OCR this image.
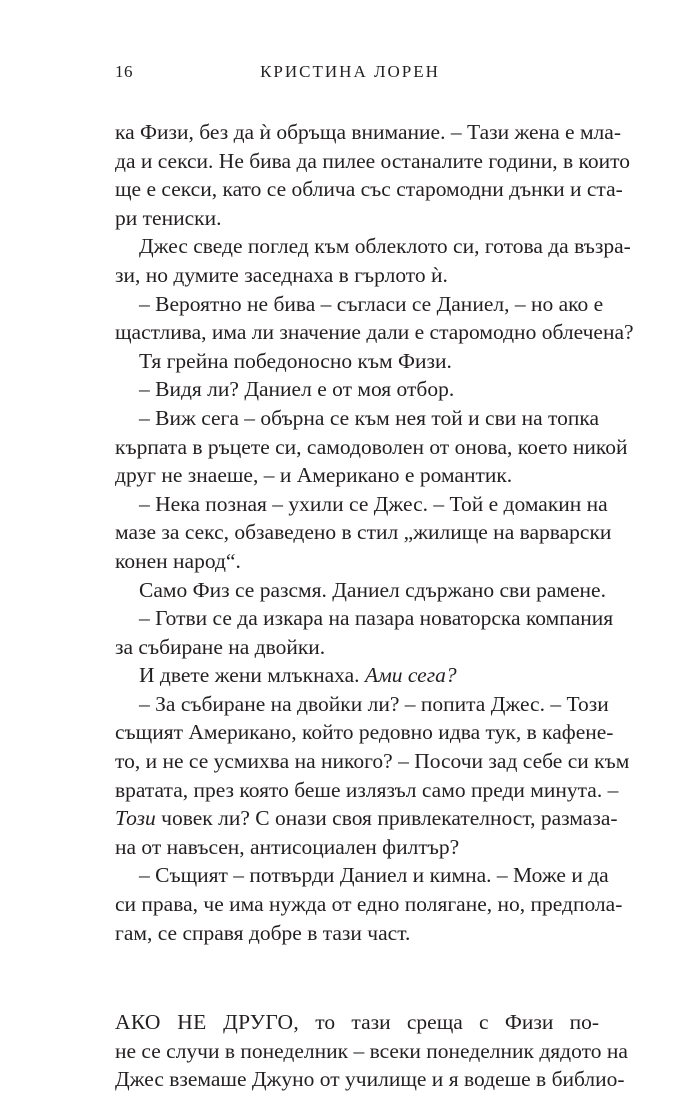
16	КРИСТИНА ЛОРЕН
ка Физи, без да ѝ обръща внимание. – Тази жена е мла-
да и секси. Не бива да пилее останалите години, в които
ще е секси, като се облича със старомодни дънки и ста-
ри тениски.
Джес сведе поглед към облеклото си, готова да възра-
зи, но думите заседнаха в гърлото ѝ.
– Вероятно не бива – съгласи се Даниел, – но ако е
щастлива, има ли значение дали е старомодно облечена?
Тя грейна победоносно към Физи.
– Видя ли? Даниел е от моя отбор.
– Виж сега – обърна се към нея той и сви на топка
кърпата в ръцете си, самодоволен от онова, което никой
друг не знаеше, – и Американо е романтик.
– Нека позная – ухили се Джес. – Той е домакин на
мазе за секс, обзаведено в стил „жилище на варварски
конен народ“.
Само Физ се разсмя. Даниел сдържано сви рамене.
– Готви се да изкара на пазара новаторска компания
за събиране на двойки.
И двете жени млъкнаха. Ами сега?
– За събиране на двойки ли? – попита Джес. – Този
същият Американо, който редовно идва тук, в кафене-
то, и не се усмихва на никого? – Посочи зад себе си към
вратата, през която беше излязъл само преди минута. –
Този човек ли? С онази своя привлекателност, размаза-
на от навъсен, антисоциален филтър?
– Същият – потвърди Даниел и кимна. – Може и да
си права, че има нужда от едно полягане, но, предпола-
гам, се справя добре в тази част.
АКО НЕ ДРУГО, то тази среща с Физи по-
не се случи в понеделник – всеки понеделник дядото на
Джес вземаше Джуно от училище и я водеше в библио-
